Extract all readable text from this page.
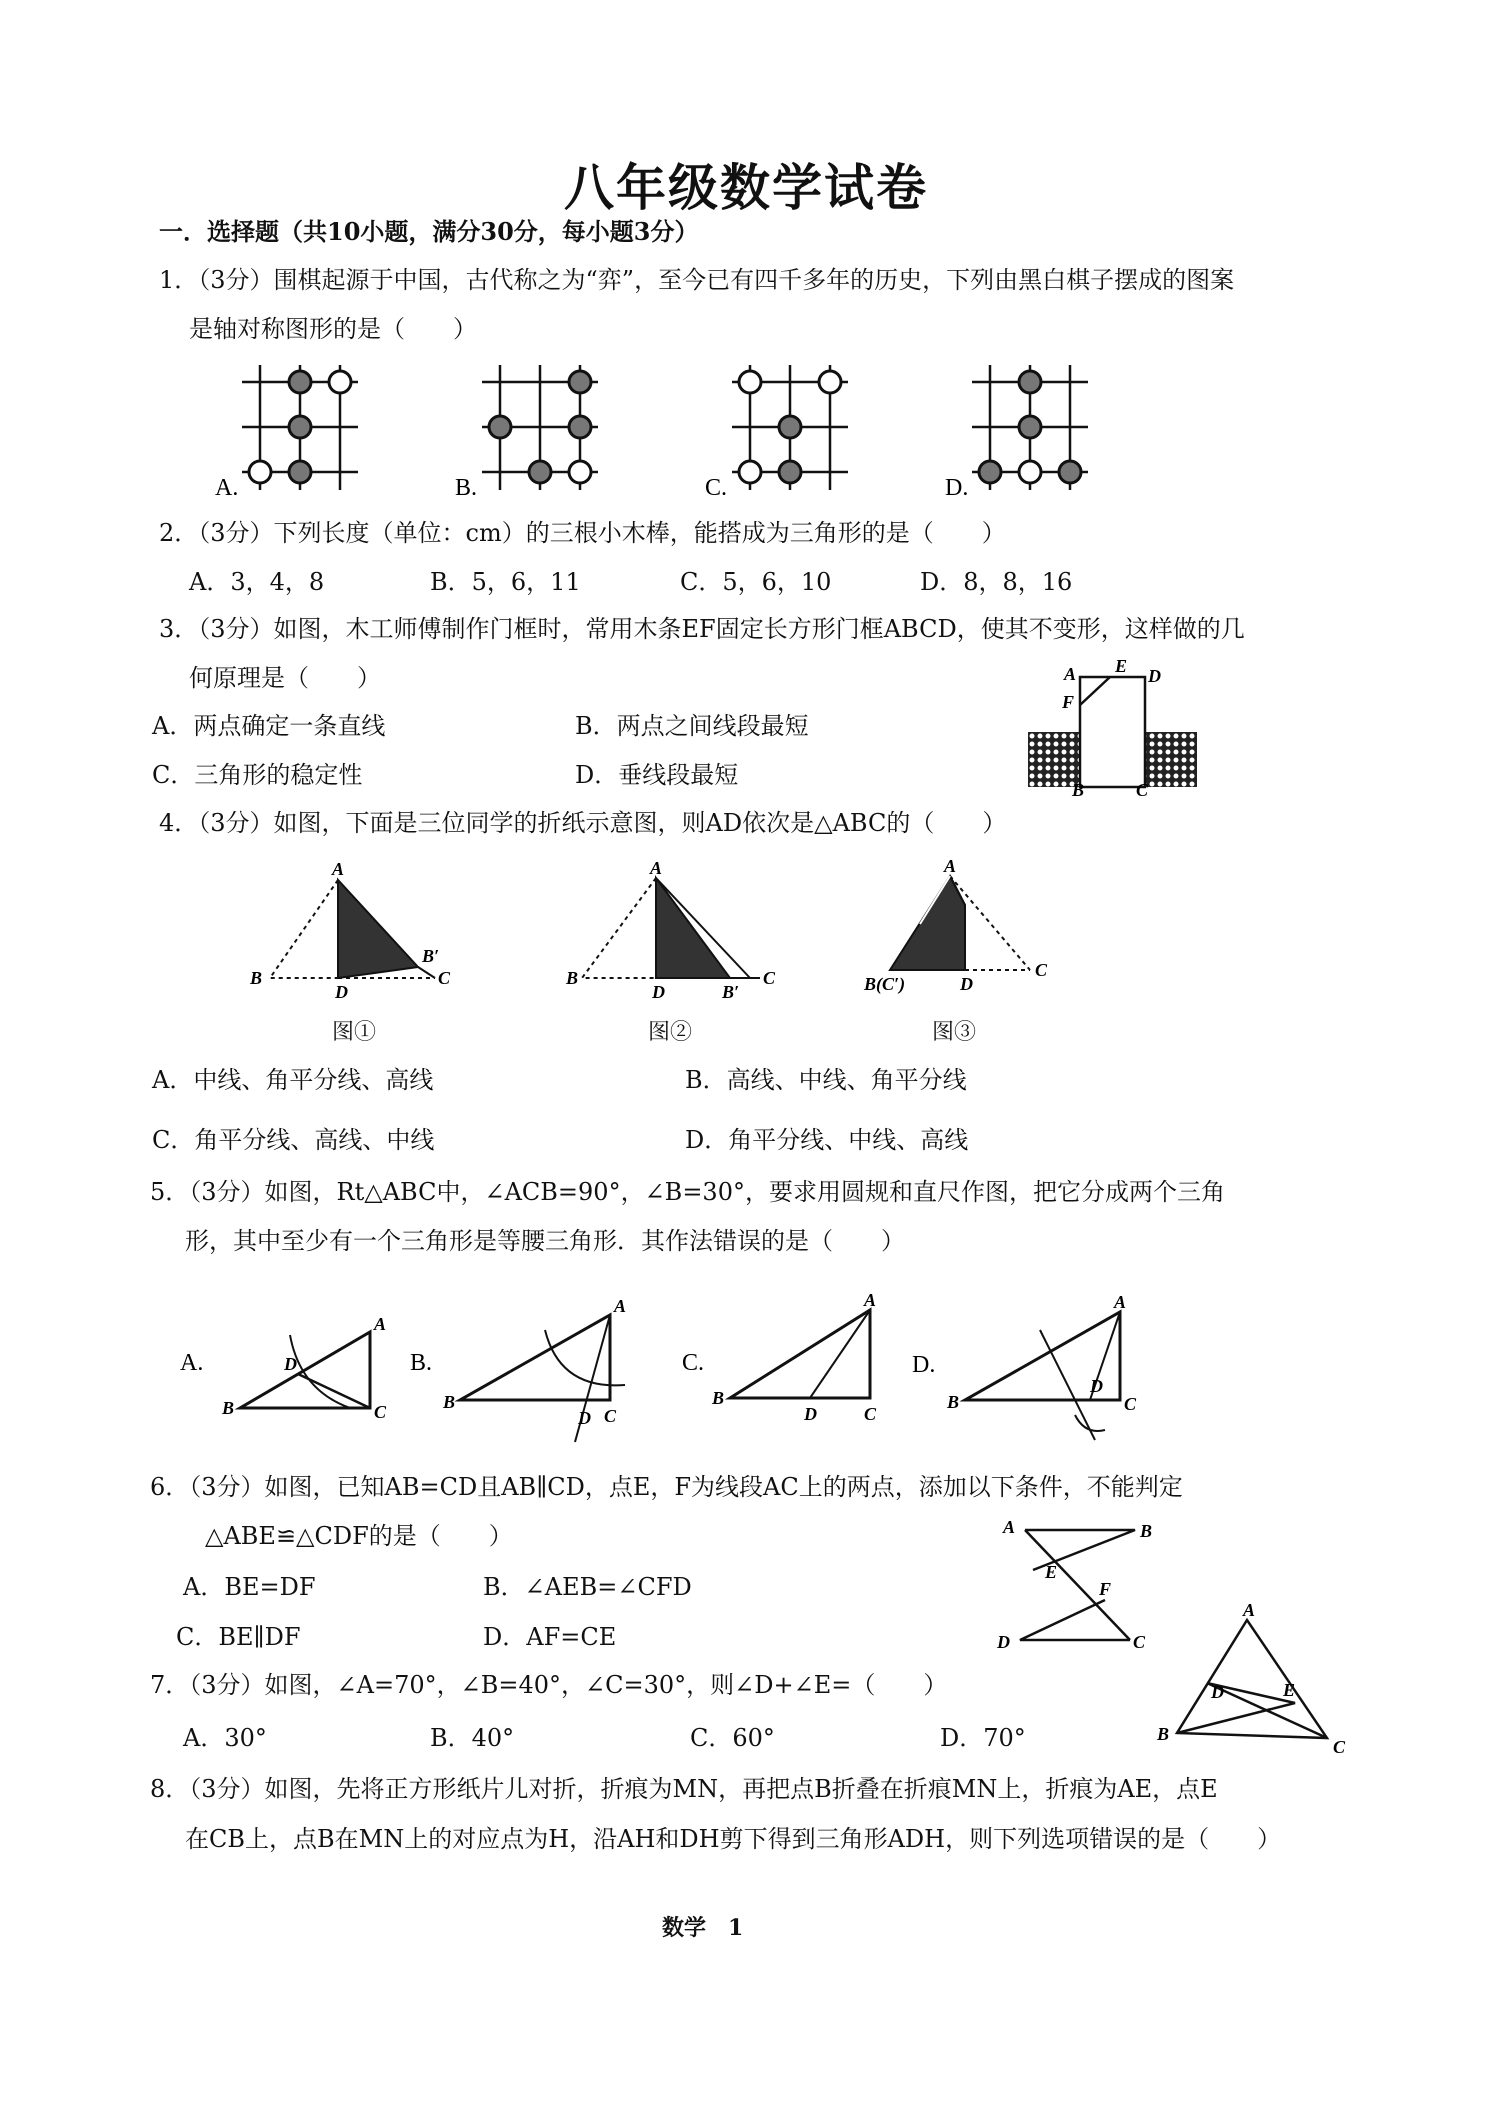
八年级数学试卷
一．选择题（共10小题，满分30分，每小题3分）
1．（3分）围棋起源于中国，古代称之为“弈”，至今已有四千多年的历史，下列由黑白棋子摆成的图案
是轴对称图形的是（　　）
A.	B.	C.	D.
2．（3分）下列长度（单位：cm）的三根小木棒，能搭成为三角形的是（　　）
A．3，4，8	B．5，6，11	C．5，6，10	D．8，8，16
3．（3分）如图，木工师傅制作门框时，常用木条EF固定长方形门框ABCD，使其不变形，这样做的几
何原理是（　　）
A．两点确定一条直线	B．两点之间线段最短
C．三角形的稳定性	D．垂线段最短
A E D
F
B	C
4．（3分）如图，下面是三位同学的折纸示意图，则AD依次是△ABC的（　　）
A
B
D
B′
C
A
B
D	B′
C
A
B(C′)	D
C
图①	图②	图③
A．中线、角平分线、高线	B．高线、中线、角平分线
C．角平分线、高线、中线	D．角平分线、中线、高线
5．（3分）如图，Rt△ABC中，∠ACB=90°，∠B=30°，要求用圆规和直尺作图，把它分成两个三角
形，其中至少有一个三角形是等腰三角形．其作法错误的是（　　）
A.	B.	C.	D.
A
B	C
D
A
B
C
D
A
B
C
D
A
B	C
D
6．（3分）如图，已知AB=CD且AB∥CD，点E，F为线段AC上的两点，添加以下条件，不能判定
△ABE≌△CDF的是（　　）
A．BE=DF	B．∠AEB=∠CFD
C．BE∥DF	D．AF=CE
A	B
E
F
D	C
7．（3分）如图，∠A=70°，∠B=40°，∠C=30°，则∠D+∠E=（　　）
A．30°	B．40°	C．60°	D．70°
A
D	E
B
C
8．（3分）如图，先将正方形纸片儿对折，折痕为MN，再把点B折叠在折痕MN上，折痕为AE，点E
在CB上，点B在MN上的对应点为H，沿AH和DH剪下得到三角形ADH，则下列选项错误的是（　　）
数学　1
